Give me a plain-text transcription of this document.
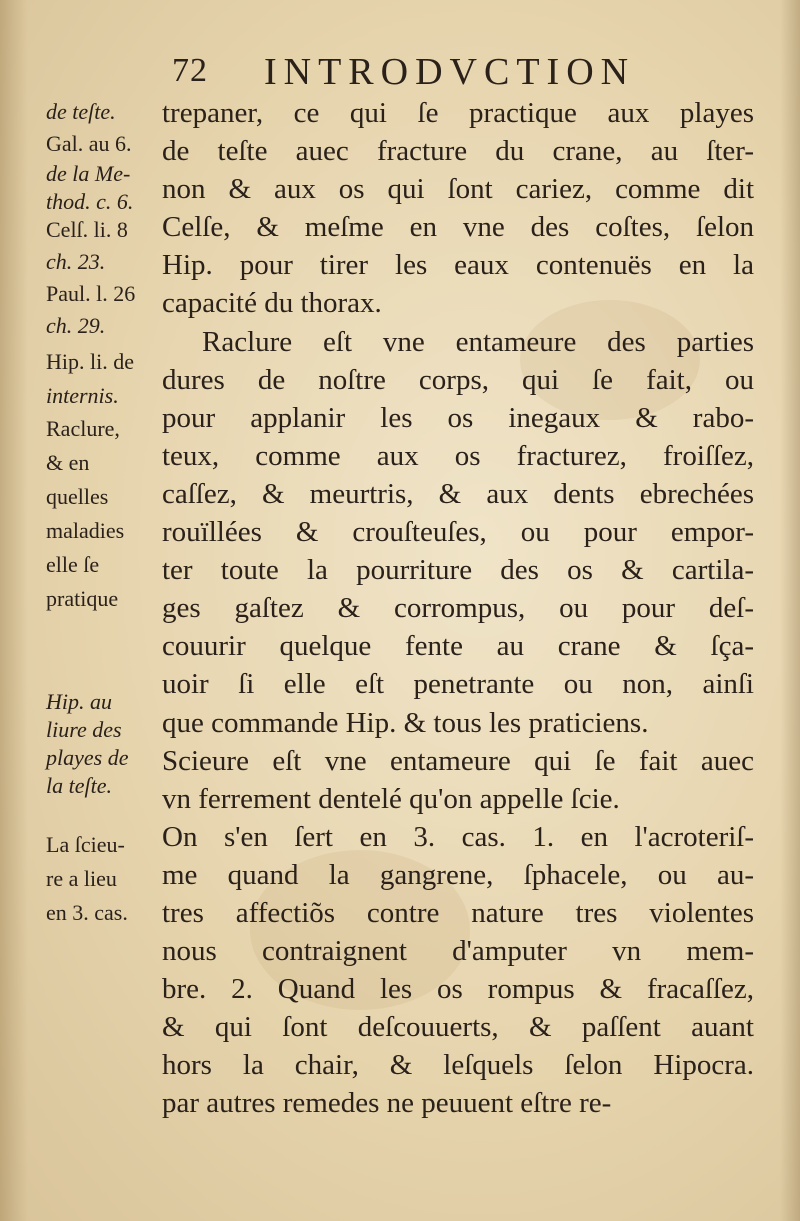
72 INTRODVCTION
de teſte.
Gal. au 6.
de la Me-
thod. c. 6.
Celſ. li. 8
ch. 23.
Paul. l. 26
ch. 29.
Hip. li. de
internis.
Raclure,
& en
quelles
maladies
elle ſe
pratique
Hip. au
liure des
playes de
la teſte.
La ſcieu-
re a lieu
en 3. cas.
trepaner, ce qui ſe practique aux playes
de teſte auec fracture du crane, au ſter-
non & aux os qui ſont cariez, comme dit
Celſe, & meſme en vne des coſtes, ſelon
Hip. pour tirer les eaux contenuës en la
capacité du thorax.
Raclure eſt vne entameure des parties
dures de noſtre corps, qui ſe fait, ou
pour applanir les os inegaux & rabo-
teux, comme aux os fracturez, froiſſez,
caſſez, & meurtris, & aux dents ebrechées
rouïllées & crouſteuſes, ou pour empor-
ter toute la pourriture des os & cartila-
ges gaſtez & corrompus, ou pour deſ-
couurir quelque fente au crane & ſça-
uoir ſi elle eſt penetrante ou non, ainſi
que commande Hip. & tous les praticiens.
Scieure eſt vne entameure qui ſe fait auec
vn ferrement dentelé qu'on appelle ſcie.
On s'en ſert en 3. cas. 1. en l'acroteriſ-
me quand la gangrene, ſphacele, ou au-
tres affectiõs contre nature tres violentes
nous contraignent d'amputer vn mem-
bre. 2. Quand les os rompus & fracaſſez,
& qui ſont deſcouuerts, & paſſent auant
hors la chair, & leſquels ſelon Hipocra.
par autres remedes ne peuuent eſtre re-
